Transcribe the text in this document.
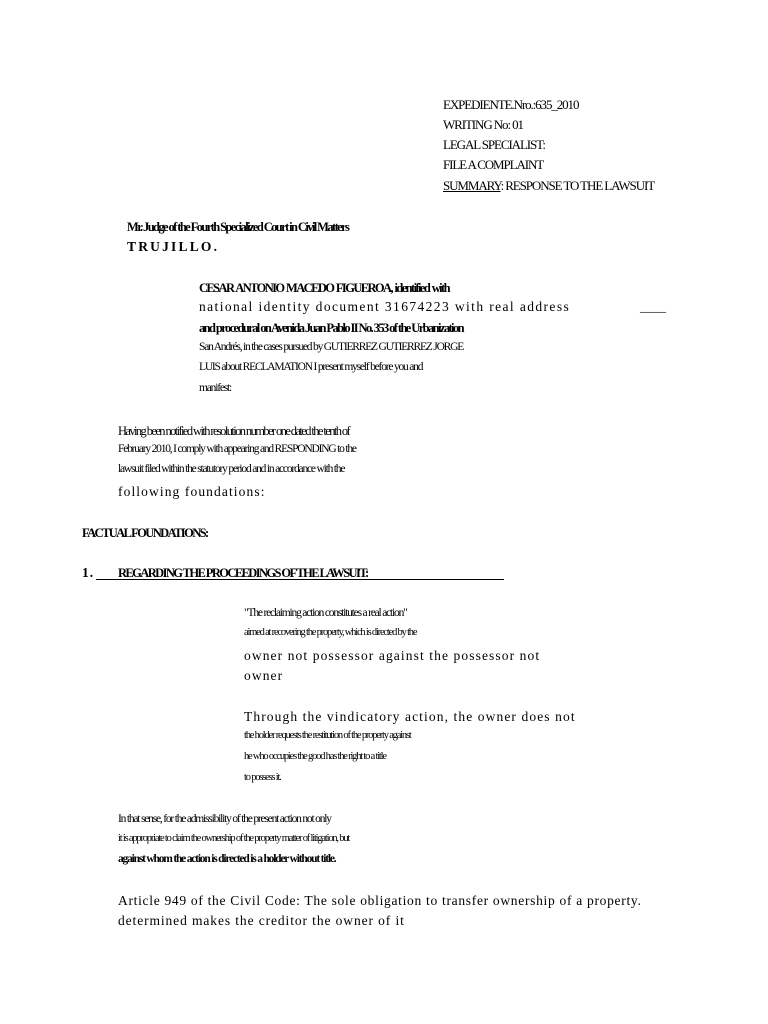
EXPEDIENTE.Nro.:635_2010
WRITING No: 01
LEGAL SPECIALIST:
FILE A COMPLAINT
SUMMARY: RESPONSE TO THE LAWSUIT
Mr. Judge of the Fourth Specialized Court in Civil Matters
TRUJILLO.
CESAR ANTONIO MACEDO FIGUEROA, identified with
national identity document 31674223 with real address	____
and procedural on Avenida Juan Pablo II No. 353 of the Urbanization
San Andrés, in the cases pursued by GUTIERREZ GUTIERREZ JORGE
LUIS about RECLAMATION I present myself before you and
manifest:
Having been notified with resolution number one dated the tenth of
February 2010, I comply with appearing and RESPONDING to the
lawsuit filed within the statutory period and in accordance with the
following foundations:
FACTUAL FOUNDATIONS:
1. REGARDING THE PROCEEDINGS OF THE LAWSUIT:
"The reclaiming action constitutes a real action"
aimed at recovering the property, which is directed by the
owner not possessor against the possessor not
owner
Through the vindicatory action, the owner does not
the holder requests the restitution of the property against
he who occupies the good has the right to a title
to possess it.
In that sense, for the admissibility of the present action not only
it is appropriate to claim the ownership of the property matter of litigation, but
against whom the action is directed is a holder without title.
Article 949 of the Civil Code: The sole obligation to transfer ownership of a property.
determined makes the creditor the owner of it
